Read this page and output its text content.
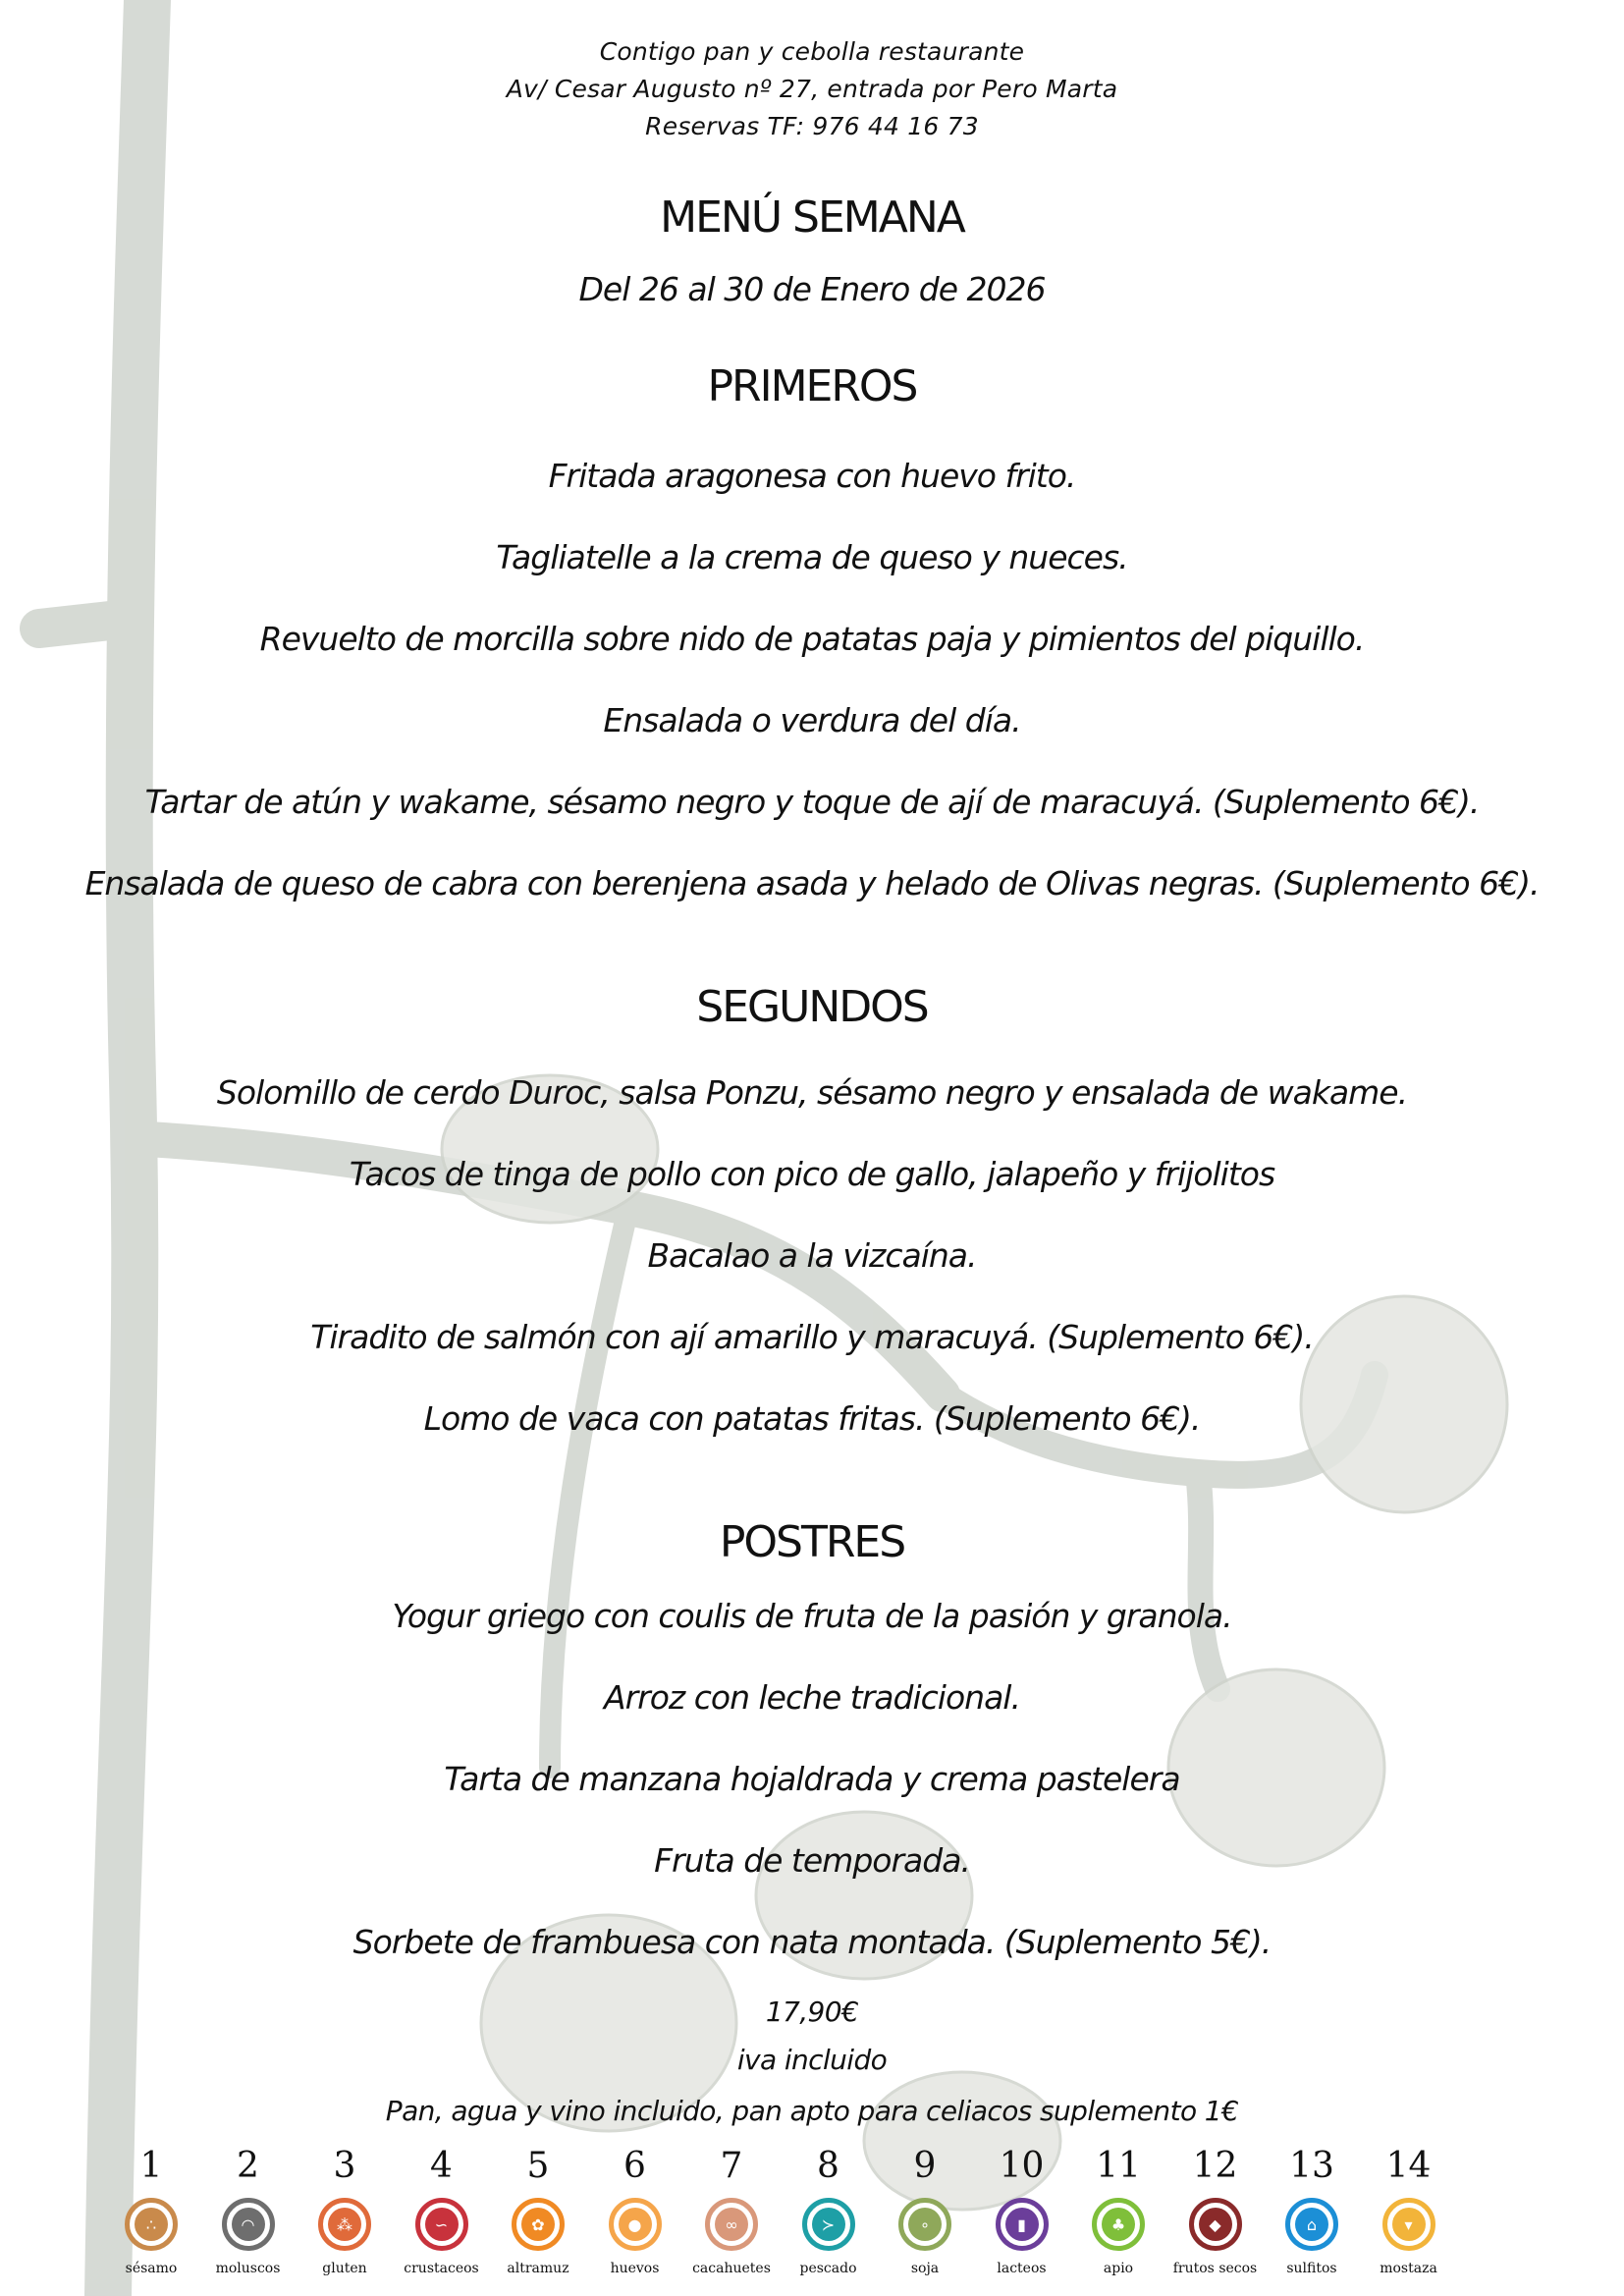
Contigo pan y cebolla restaurante
Av/ Cesar Augusto nº 27, entrada por Pero Marta
Reservas TF: 976 44 16 73
MENÚ SEMANA
Del 26 al 30 de Enero de 2026
PRIMEROS
Fritada aragonesa con huevo frito.
Tagliatelle a la crema de queso y nueces.
Revuelto de morcilla sobre nido de patatas paja y pimientos del piquillo.
Ensalada o verdura del día.
Tartar de atún y wakame, sésamo negro y toque de ají de maracuyá. (Suplemento 6€).
Ensalada de queso de cabra con berenjena asada y helado de Olivas negras. (Suplemento 6€).
SEGUNDOS
Solomillo de cerdo Duroc, salsa Ponzu, sésamo negro y ensalada de wakame.
Tacos de tinga de pollo con pico de gallo, jalapeño y frijolitos
Bacalao a la vizcaína.
Tiradito de salmón con ají amarillo y maracuyá. (Suplemento 6€).
Lomo de vaca con patatas fritas. (Suplemento 6€).
POSTRES
Yogur griego con coulis de fruta de la pasión y granola.
Arroz con leche tradicional.
Tarta de manzana hojaldrada y crema pastelera
Fruta de temporada.
Sorbete de frambuesa con nata montada. (Suplemento 5€).
17,90€
iva incluido
Pan, agua y vino incluido, pan apto para celiacos suplemento 1€
1
∴
sésamo
2
◠
moluscos
3
⁂
gluten
4
∽
crustaceos
5
✿
altramuz
6
●
huevos
7
∞
cacahuetes
8
≻
pescado
9
∘
soja
10
▮
lacteos
11
♣
apio
12
◆
frutos secos
13
⌂
sulfitos
14
▾
mostaza
